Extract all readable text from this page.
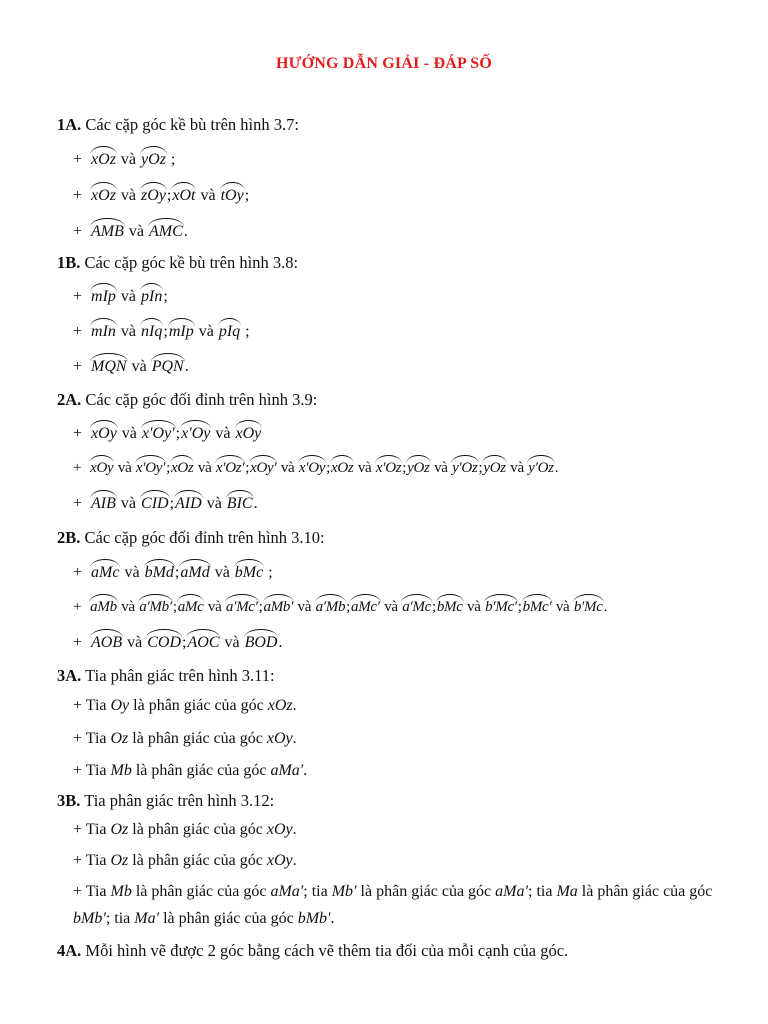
HƯỚNG DẪN GIẢI - ĐÁP SỐ
1A. Các cặp góc kề bù trên hình 3.7:
+ xOz và yOz ;
+ xOz và zOy;xOt và tOy;
+ AMB và AMC.
1B. Các cặp góc kề bù trên hình 3.8:
+ mIp và pIn;
+ mIn và nIq;mIp và pIq ;
+ MQN và PQN.
2A. Các cặp góc đối đỉnh trên hình 3.9:
+ xOy và x′Oy′;x′Oy và xOy
+ xOy và x′Oy′;xOz và x′Oz′;xOy′ và x′Oy;xOz và x′Oz;yOz và y′Oz;yOz và y′Oz.
+ AIB và CID;AID và BIC.
2B. Các cặp góc đối đỉnh trên hình 3.10:
+ aMc và bMd;aMd và bMc ;
+ aMb và a′Mb′;aMc và a′Mc′;aMb′ và a′Mb;aMc′ và a′Mc;bMc và b′Mc′;bMc′ và b′Mc.
+ AOB và COD;AOC và BOD.
3A. Tia phân giác trên hình 3.11:
+ Tia Oy là phân giác của góc xOz.
+ Tia Oz là phân giác của góc xOy.
+ Tia Mb là phân giác của góc aMa′.
3B. Tia phân giác trên hình 3.12:
+ Tia Oz là phân giác của góc xOy.
+ Tia Oz là phân giác của góc xOy.
+ Tia Mb là phân giác của góc aMa′; tia Mb′ là phân giác của góc aMa′; tia Ma là phân giác của góc bMb′; tia Ma′ là phân giác của góc bMb′.
4A. Mỗi hình vẽ được 2 góc bằng cách vẽ thêm tia đối của mỗi cạnh của góc.
